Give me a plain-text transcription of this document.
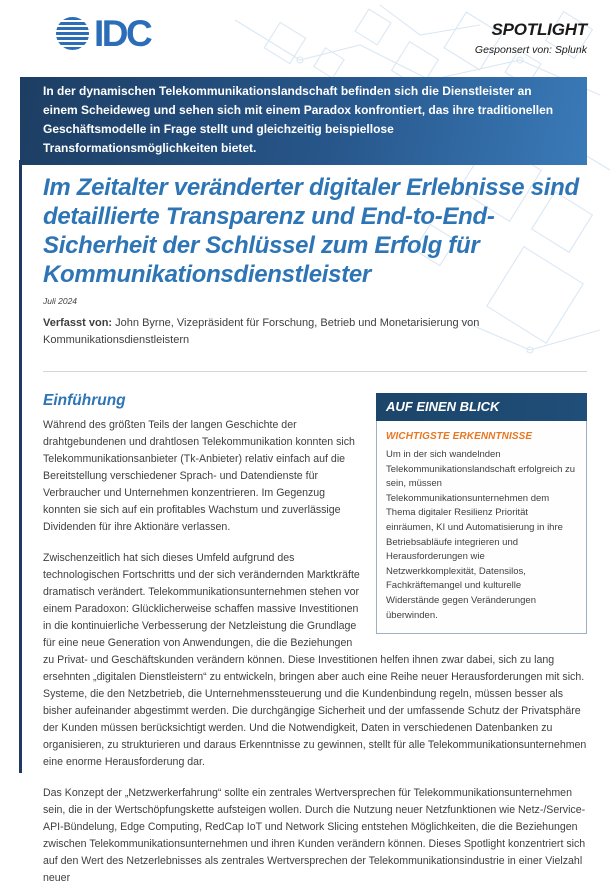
IDC	SPOTLIGHT
Gesponsert von: Splunk

In der dynamischen Telekommunikationslandschaft befinden sich die Dienstleister an einem Scheideweg und sehen sich mit einem Paradox konfrontiert, das ihre traditionellen Geschäftsmodelle in Frage stellt und gleichzeitig beispiellose Transformationsmöglichkeiten bietet.

Im Zeitalter veränderter digitaler Erlebnisse sind detaillierte Transparenz und End-to-End-Sicherheit der Schlüssel zum Erfolg für Kommunikationsdienstleister
Juli 2024

Verfasst von: John Byrne, Vizepräsident für Forschung, Betrieb und Monetarisierung von Kommunikationsdienstleistern

AUF EINEN BLICK
WICHTIGSTE ERKENNTNISSE

Um in der sich wandelnden Telekommunikationslandschaft erfolgreich zu sein, müssen Telekommunikationsunternehmen dem Thema digitaler Resilienz Priorität einräumen, KI und Automatisierung in ihre Betriebsabläufe integrieren und Herausforderungen wie Netzwerkkomplexität, Datensilos, Fachkräftemangel und kulturelle Widerstände gegen Veränderungen überwinden.

Einführung

Während des größten Teils der langen Geschichte der drahtgebundenen und drahtlosen Telekommunikation konnten sich Telekommunikationsanbieter (Tk-Anbieter) relativ einfach auf die Bereitstellung verschiedener Sprach- und Datendienste für Verbraucher und Unternehmen konzentrieren. Im Gegenzug konnten sie sich auf ein profitables Wachstum und zuverlässige Dividenden für ihre Aktionäre verlassen.

Zwischenzeitlich hat sich dieses Umfeld aufgrund des technologischen Fortschritts und der sich verändernden Marktkräfte dramatisch verändert. Telekommunikationsunternehmen stehen vor einem Paradoxon: Glücklicherweise schaffen massive Investitionen in die kontinuierliche Verbesserung der Netzleistung die Grundlage für eine neue Generation von Anwendungen, die die Beziehungen zu Privat- und Geschäftskunden verändern können. Diese Investitionen helfen ihnen zwar dabei, sich zu lang ersehnten „digitalen Dienstleistern“ zu entwickeln, bringen aber auch eine Reihe neuer Herausforderungen mit sich. Systeme, die den Netzbetrieb, die Unternehmenssteuerung und die Kundenbindung regeln, müssen besser als bisher aufeinander abgestimmt werden. Die durchgängige Sicherheit und der umfassende Schutz der Privatsphäre der Kunden müssen berücksichtigt werden. Und die Notwendigkeit, Daten in verschiedenen Datenbanken zu organisieren, zu strukturieren und daraus Erkenntnisse zu gewinnen, stellt für alle Telekommunikationsunternehmen eine enorme Herausforderung dar.

Das Konzept der „Netzwerkerfahrung“ sollte ein zentrales Wertversprechen für Telekommunikationsunternehmen sein, die in der Wertschöpfungskette aufsteigen wollen. Durch die Nutzung neuer Netzfunktionen wie Netz-/Service-API-Bündelung, Edge Computing, RedCap IoT und Network Slicing entstehen Möglichkeiten, die die Beziehungen zwischen Telekommunikationsunternehmen und ihren Kunden verändern können. Dieses Spotlight konzentriert sich auf den Wert des Netzerlebnisses als zentrales Wertversprechen der Telekommunikationsindustrie in einer Vielzahl neuer
